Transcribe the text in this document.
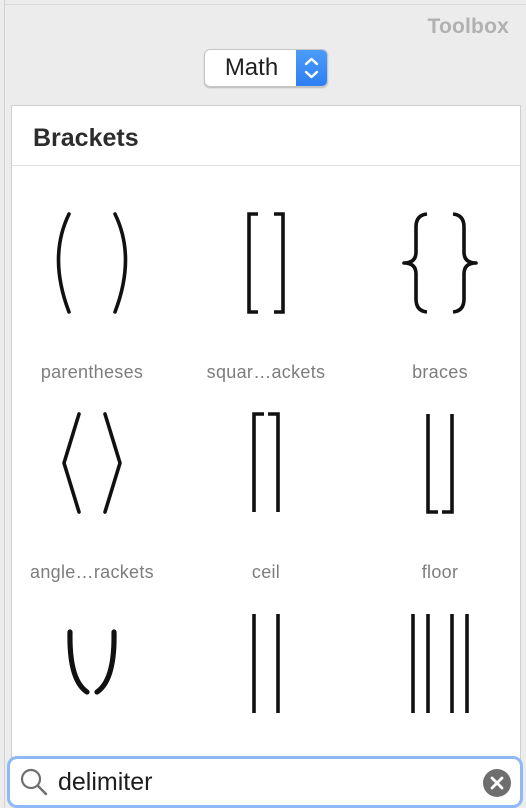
Toolbox
Math
Brackets
parentheses	squar…ackets	braces
angle…rackets	ceil	floor
delimiter
